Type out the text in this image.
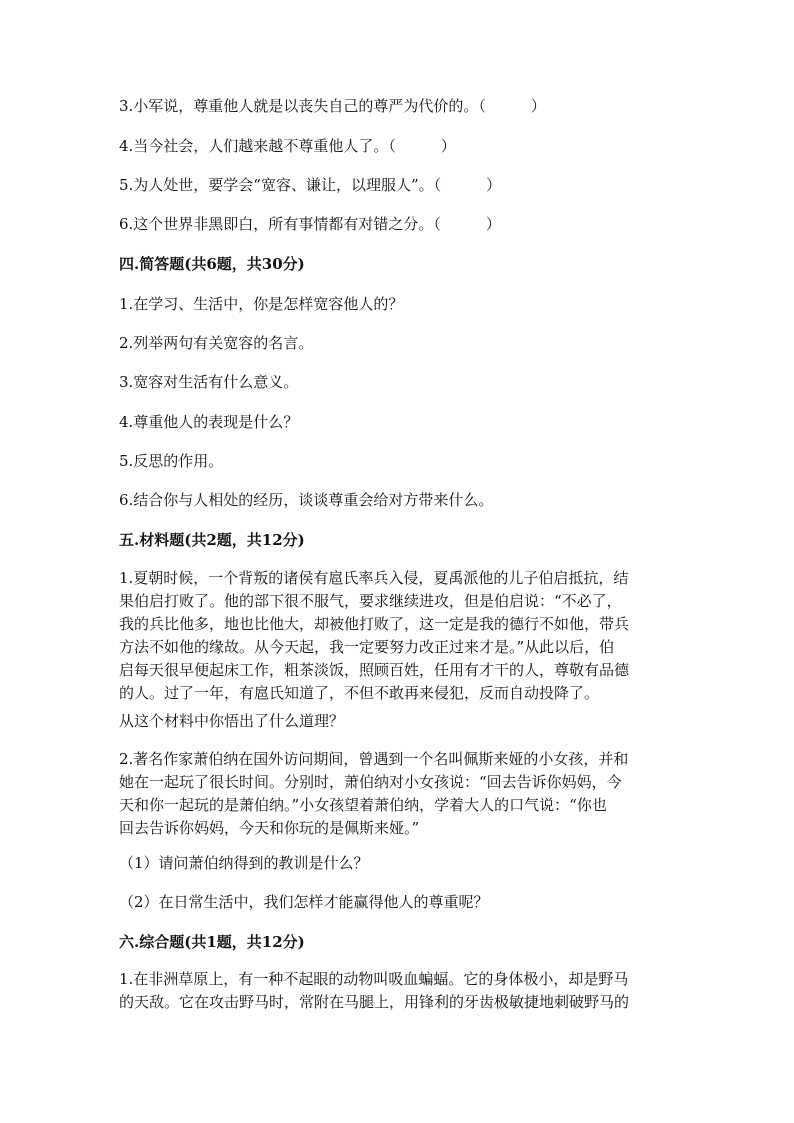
3.小军说，尊重他人就是以丧失自己的尊严为代价的。（　　　）
4.当今社会，人们越来越不尊重他人了。（　　　）
5.为人处世，要学会“宽容、谦让，以理服人”。（　　　）
6.这个世界非黑即白，所有事情都有对错之分。（　　　）
四.简答题(共6题，共30分)
1.在学习、生活中，你是怎样宽容他人的？
2.列举两句有关宽容的名言。
3.宽容对生活有什么意义。
4.尊重他人的表现是什么？
5.反思的作用。
6.结合你与人相处的经历，谈谈尊重会给对方带来什么。
五.材料题(共2题，共12分)
1.夏朝时候，一个背叛的诸侯有扈氏率兵入侵，夏禹派他的儿子伯启抵抗，结
果伯启打败了。他的部下很不服气，要求继续进攻，但是伯启说：“不必了，
我的兵比他多，地也比他大，却被他打败了，这一定是我的德行不如他，带兵
方法不如他的缘故。从今天起，我一定要努力改正过来才是。”从此以后，伯
启每天很早便起床工作，粗茶淡饭，照顾百姓，任用有才干的人，尊敬有品德
的人。过了一年，有扈氏知道了，不但不敢再来侵犯，反而自动投降了。
从这个材料中你悟出了什么道理？
2.著名作家萧伯纳在国外访问期间，曾遇到一个名叫佩斯来娅的小女孩，并和
她在一起玩了很长时间。分别时，萧伯纳对小女孩说：“回去告诉你妈妈，今
天和你一起玩的是萧伯纳。”小女孩望着萧伯纳，学着大人的口气说：“你也
回去告诉你妈妈，今天和你玩的是佩斯来娅。”
（1）请问萧伯纳得到的教训是什么？
（2）在日常生活中，我们怎样才能赢得他人的尊重呢？
六.综合题(共1题，共12分)
1.在非洲草原上，有一种不起眼的动物叫吸血蝙蝠。它的身体极小，却是野马
的天敌。它在攻击野马时，常附在马腿上，用锋利的牙齿极敏捷地刺破野马的
